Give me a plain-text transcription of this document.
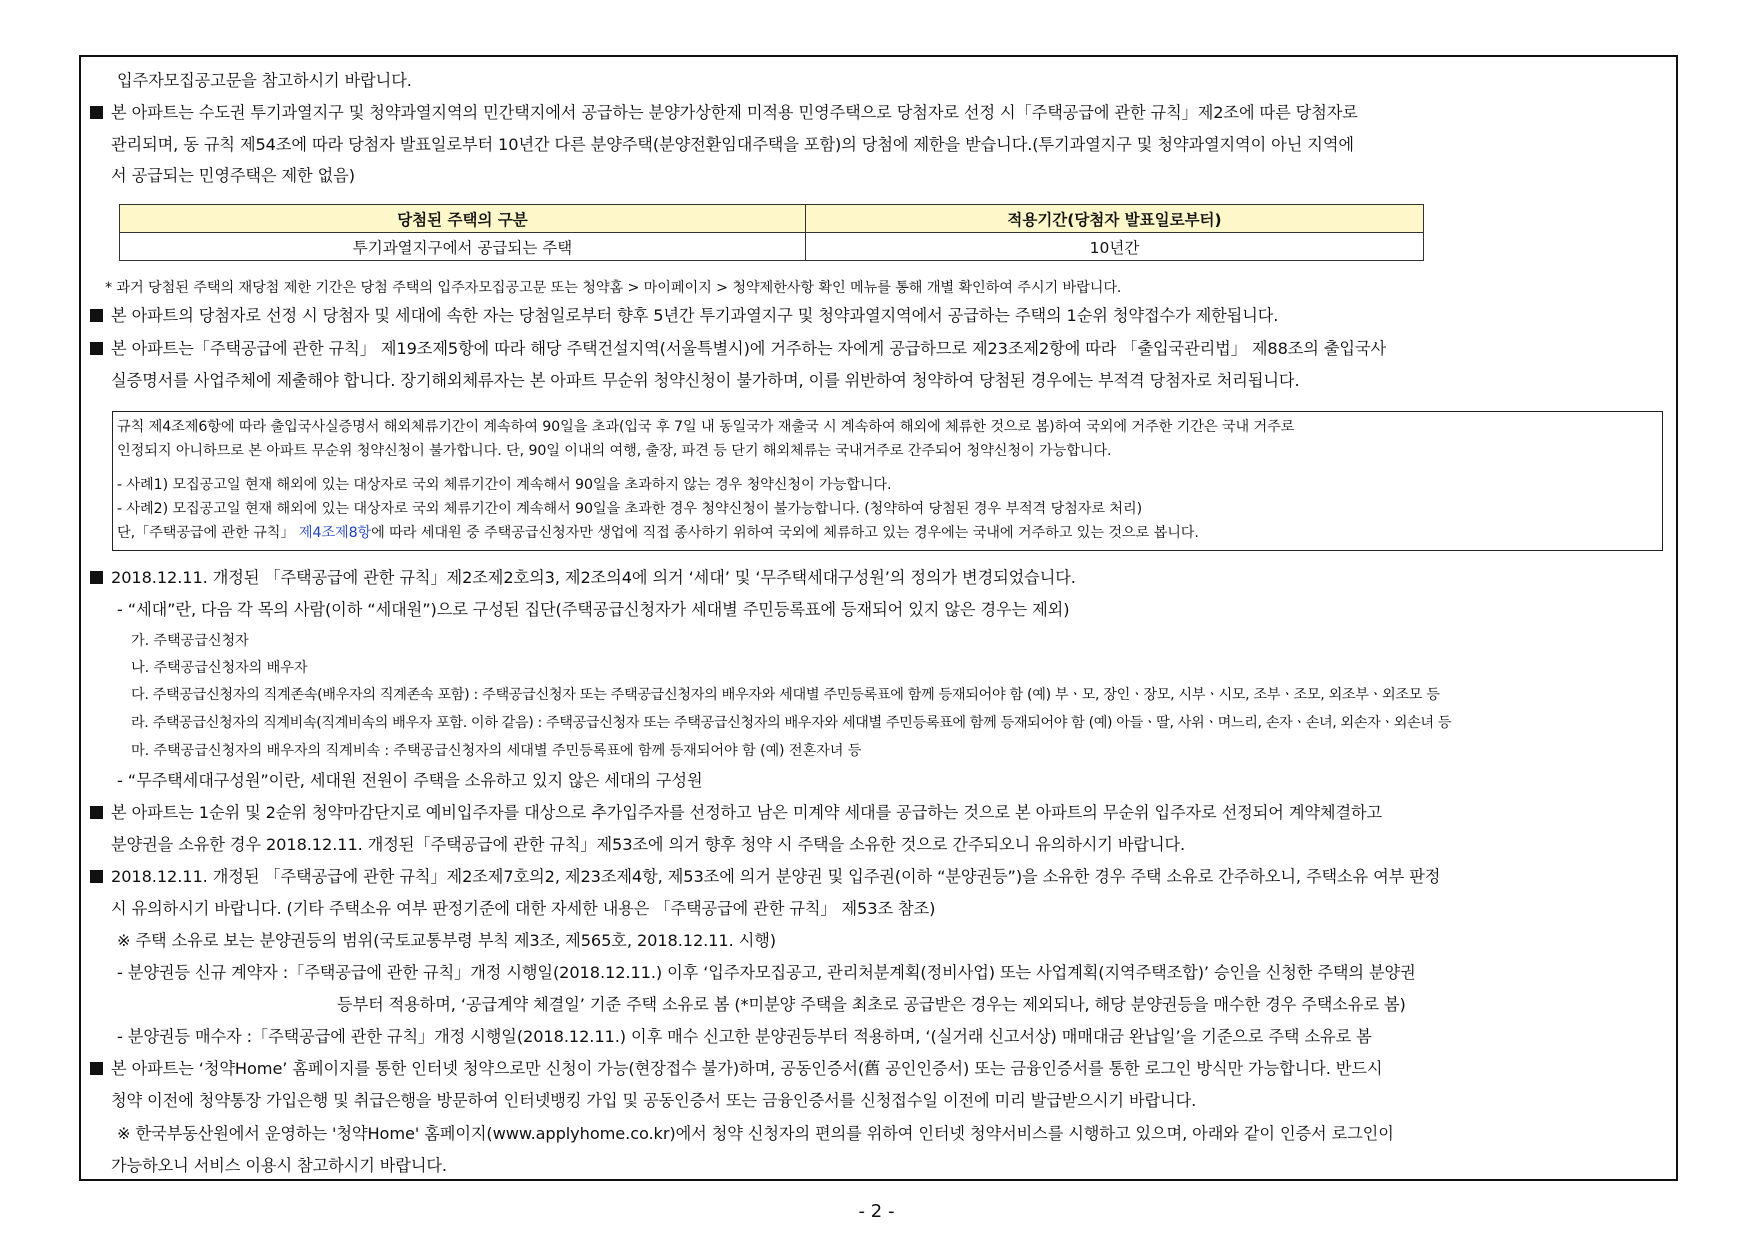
입주자모집공고문을 참고하시기 바랍니다.
본 아파트는 수도권 투기과열지구 및 청약과열지역의 민간택지에서 공급하는 분양가상한제 미적용 민영주택으로 당첨자로 선정 시「주택공급에 관한 규칙」제2조에 따른 당첨자로
관리되며, 동 규칙 제54조에 따라 당첨자 발표일로부터 10년간 다른 분양주택(분양전환임대주택을 포함)의 당첨에 제한을 받습니다.(투기과열지구 및 청약과열지역이 아닌 지역에
서 공급되는 민영주택은 제한 없음)
당첨된 주택의 구분	적용기간(당첨자 발표일로부터)
투기과열지구에서 공급되는 주택	10년간
* 과거 당첨된 주택의 재당첨 제한 기간은 당첨 주택의 입주자모집공고문 또는 청약홈 > 마이페이지 > 청약제한사항 확인 메뉴를 통해 개별 확인하여 주시기 바랍니다.
본 아파트의 당첨자로 선정 시 당첨자 및 세대에 속한 자는 당첨일로부터 향후 5년간 투기과열지구 및 청약과열지역에서 공급하는 주택의 1순위 청약접수가 제한됩니다.
본 아파트는「주택공급에 관한 규칙」 제19조제5항에 따라 해당 주택건설지역(서울특별시)에 거주하는 자에게 공급하므로 제23조제2항에 따라 「출입국관리법」 제88조의 출입국사
실증명서를 사업주체에 제출해야 합니다. 장기해외체류자는 본 아파트 무순위 청약신청이 불가하며, 이를 위반하여 청약하여 당첨된 경우에는 부적격 당첨자로 처리됩니다.
규칙 제4조제6항에 따라 출입국사실증명서 해외체류기간이 계속하여 90일을 초과(입국 후 7일 내 동일국가 재출국 시 계속하여 해외에 체류한 것으로 봄)하여 국외에 거주한 기간은 국내 거주로
인정되지 아니하므로 본 아파트 무순위 청약신청이 불가합니다. 단, 90일 이내의 여행, 출장, 파견 등 단기 해외체류는 국내거주로 간주되어 청약신청이 가능합니다.
- 사례1) 모집공고일 현재 해외에 있는 대상자로 국외 체류기간이 계속해서 90일을 초과하지 않는 경우 청약신청이 가능합니다.
- 사례2) 모집공고일 현재 해외에 있는 대상자로 국외 체류기간이 계속해서 90일을 초과한 경우 청약신청이 불가능합니다. (청약하여 당첨된 경우 부적격 당첨자로 처리)
단,「주택공급에 관한 규칙」 제4조제8항에 따라 세대원 중 주택공급신청자만 생업에 직접 종사하기 위하여 국외에 체류하고 있는 경우에는 국내에 거주하고 있는 것으로 봅니다.
2018.12.11. 개정된 「주택공급에 관한 규칙」제2조제2호의3, 제2조의4에 의거 ‘세대’ 및 ‘무주택세대구성원’의 정의가 변경되었습니다.
- “세대”란, 다음 각 목의 사람(이하 “세대원”)으로 구성된 집단(주택공급신청자가 세대별 주민등록표에 등재되어 있지 않은 경우는 제외)
가. 주택공급신청자
나. 주택공급신청자의 배우자
다. 주택공급신청자의 직계존속(배우자의 직계존속 포함) : 주택공급신청자 또는 주택공급신청자의 배우자와 세대별 주민등록표에 함께 등재되어야 함 (예) 부ㆍ모, 장인ㆍ장모, 시부ㆍ시모, 조부ㆍ조모, 외조부ㆍ외조모 등
라. 주택공급신청자의 직계비속(직계비속의 배우자 포함. 이하 같음) : 주택공급신청자 또는 주택공급신청자의 배우자와 세대별 주민등록표에 함께 등재되어야 함 (예) 아들ㆍ딸, 사위ㆍ며느리, 손자ㆍ손녀, 외손자ㆍ외손녀 등
마. 주택공급신청자의 배우자의 직계비속 : 주택공급신청자의 세대별 주민등록표에 함께 등재되어야 함 (예) 전혼자녀 등
- “무주택세대구성원”이란, 세대원 전원이 주택을 소유하고 있지 않은 세대의 구성원
본 아파트는 1순위 및 2순위 청약마감단지로 예비입주자를 대상으로 추가입주자를 선정하고 남은 미계약 세대를 공급하는 것으로 본 아파트의 무순위 입주자로 선정되어 계약체결하고
분양권을 소유한 경우 2018.12.11. 개정된「주택공급에 관한 규칙」제53조에 의거 향후 청약 시 주택을 소유한 것으로 간주되오니 유의하시기 바랍니다.
2018.12.11. 개정된 「주택공급에 관한 규칙」제2조제7호의2, 제23조제4항, 제53조에 의거 분양권 및 입주권(이하 “분양권등”)을 소유한 경우 주택 소유로 간주하오니, 주택소유 여부 판정
시 유의하시기 바랍니다. (기타 주택소유 여부 판정기준에 대한 자세한 내용은 「주택공급에 관한 규칙」 제53조 참조)
※ 주택 소유로 보는 분양권등의 범위(국토교통부령 부칙 제3조, 제565호, 2018.12.11. 시행)
- 분양권등 신규 계약자 :「주택공급에 관한 규칙」개정 시행일(2018.12.11.) 이후 ‘입주자모집공고, 관리처분계획(정비사업) 또는 사업계획(지역주택조합)’ 승인을 신청한 주택의 분양권
등부터 적용하며, ‘공급계약 체결일’ 기준 주택 소유로 봄 (*미분양 주택을 최초로 공급받은 경우는 제외되나, 해당 분양권등을 매수한 경우 주택소유로 봄)
- 분양권등 매수자 :「주택공급에 관한 규칙」개정 시행일(2018.12.11.) 이후 매수 신고한 분양권등부터 적용하며, ‘(실거래 신고서상) 매매대금 완납일’을 기준으로 주택 소유로 봄
본 아파트는 ‘청약Home’ 홈페이지를 통한 인터넷 청약으로만 신청이 가능(현장접수 불가)하며, 공동인증서(舊 공인인증서) 또는 금융인증서를 통한 로그인 방식만 가능합니다. 반드시
청약 이전에 청약통장 가입은행 및 취급은행을 방문하여 인터넷뱅킹 가입 및 공동인증서 또는 금융인증서를 신청접수일 이전에 미리 발급받으시기 바랍니다.
※ 한국부동산원에서 운영하는 '청약Home' 홈페이지(www.applyhome.co.kr)에서 청약 신청자의 편의를 위하여 인터넷 청약서비스를 시행하고 있으며, 아래와 같이 인증서 로그인이
가능하오니 서비스 이용시 참고하시기 바랍니다.
- 2 -
